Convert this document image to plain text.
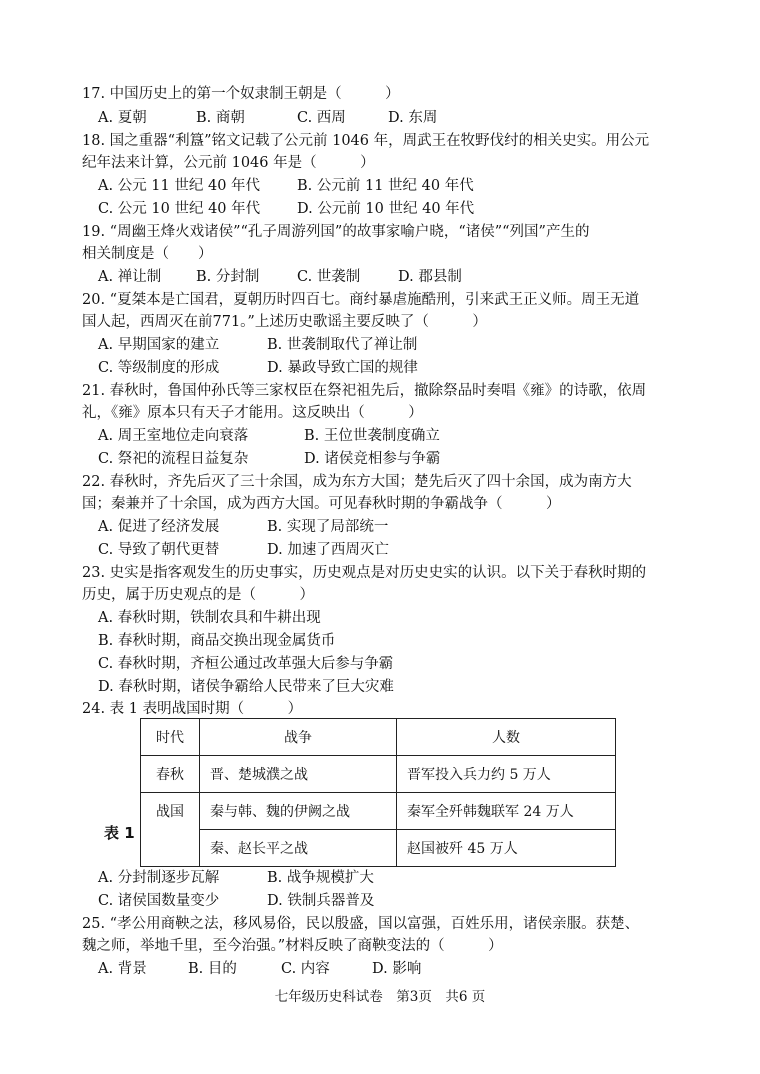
17. 中国历史上的第一个奴隶制王朝是（　　　）
A. 夏朝	B. 商朝	C. 西周	D. 东周
18. 国之重器“利簋”铭文记载了公元前 1046 年，周武王在牧野伐纣的相关史实。用公元
纪年法来计算，公元前 1046 年是（　　　）
A. 公元 11 世纪 40 年代	B. 公元前 11 世纪 40 年代
C. 公元 10 世纪 40 年代	D. 公元前 10 世纪 40 年代
19. “周幽王烽火戏诸侯”“孔子周游列国”的故事家喻户晓，“诸侯”“列国”产生的
相关制度是（　　）
A. 禅让制 B. 分封制	C. 世袭制	D. 郡县制
20. “夏桀本是亡国君，夏朝历时四百七。商纣暴虐施酷刑，引来武王正义师。周王无道
国人起，西周灭在前771。”上述历史歌谣主要反映了（　　　）
A. 早期国家的建立	B. 世袭制取代了禅让制
C. 等级制度的形成	D. 暴政导致亡国的规律
21. 春秋时，鲁国仲孙氏等三家权臣在祭祀祖先后，撤除祭品时奏唱《雍》的诗歌，依周
礼，《雍》原本只有天子才能用。这反映出（　　　）
A. 周王室地位走向衰落	B. 王位世袭制度确立
C. 祭祀的流程日益复杂	D. 诸侯竞相参与争霸
22. 春秋时，齐先后灭了三十余国，成为东方大国；楚先后灭了四十余国，成为南方大
国；秦兼并了十余国，成为西方大国。可见春秋时期的争霸战争（　　　）
A. 促进了经济发展	B. 实现了局部统一
C. 导致了朝代更替	D. 加速了西周灭亡
23. 史实是指客观发生的历史事实，历史观点是对历史史实的认识。以下关于春秋时期的
历史，属于历史观点的是（　　　）
A. 春秋时期，铁制农具和牛耕出现
B. 春秋时期，商品交换出现金属货币
C. 春秋时期，齐桓公通过改革强大后参与争霸
D. 春秋时期，诸侯争霸给人民带来了巨大灾难
24. 表 1 表明战国时期（　　　）
表 1
时代	战争	人数
春秋	晋、楚城濮之战	晋军投入兵力约 5 万人
战国	秦与韩、魏的伊阙之战	秦军全歼韩魏联军 24 万人
	秦、赵长平之战	赵国被歼 45 万人
A. 分封制逐步瓦解	B. 战争规模扩大
C. 诸侯国数量变少	D. 铁制兵器普及
25. “孝公用商鞅之法，移风易俗，民以殷盛，国以富强，百姓乐用，诸侯亲服。获楚、
魏之师，举地千里，至今治强。”材料反映了商鞅变法的（　　　）
A. 背景	B. 目的	C. 内容	D. 影响
七年级历史科试卷　第3页　共6 页
